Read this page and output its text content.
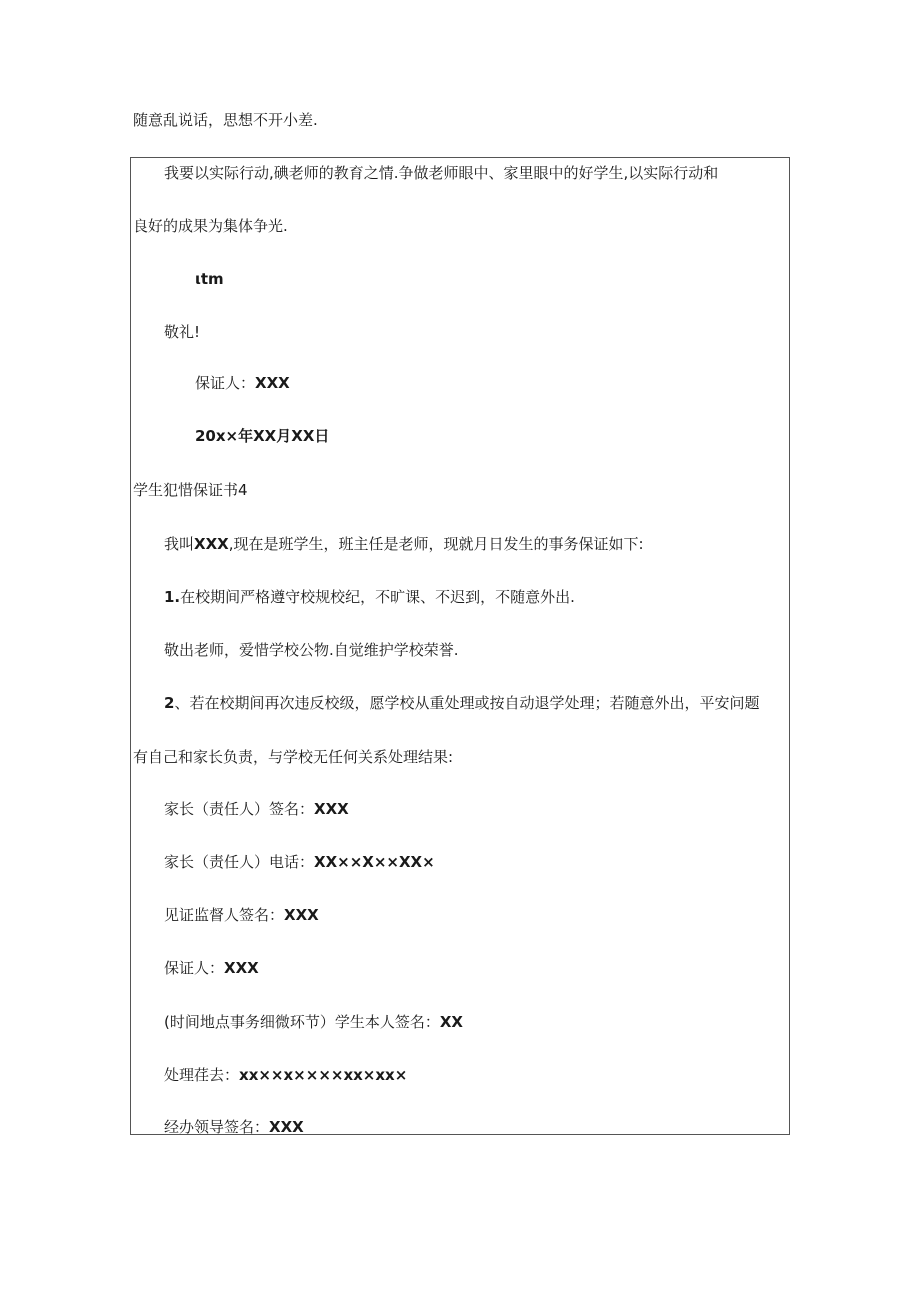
随意乱说话，思想不开小差.
我要以实际行动,碘老师的教育之情.争做老师眼中、家里眼中的好学生,以实际行动和
良好的成果为集体争光.
ιtm
敬礼!
保证人：XXX
20x×年XX月XX日
学生犯惜保证书4
我叫XXX,现在是班学生，班主任是老师，现就月日发生的事务保证如下:
1.在校期间严格遵守校规校纪，不旷课、不迟到，不随意外出.
敬出老师，爱惜学校公物.自觉维护学校荣誉.
2、若在校期间再次违反校级，愿学校从重处理或按自动退学处理；若随意外出，平安问题
有自己和家长负责，与学校无任何关系处理结果:
家长（责任人）签名：XXX
家长（责任人）电话：XX××X××XX×
见证监督人签名：XXX
保证人：XXX
(时间地点事务细微环节）学生本人签名：XX
处理荏去：xx××x××××xx×xx×
经办领导签名：XXX
